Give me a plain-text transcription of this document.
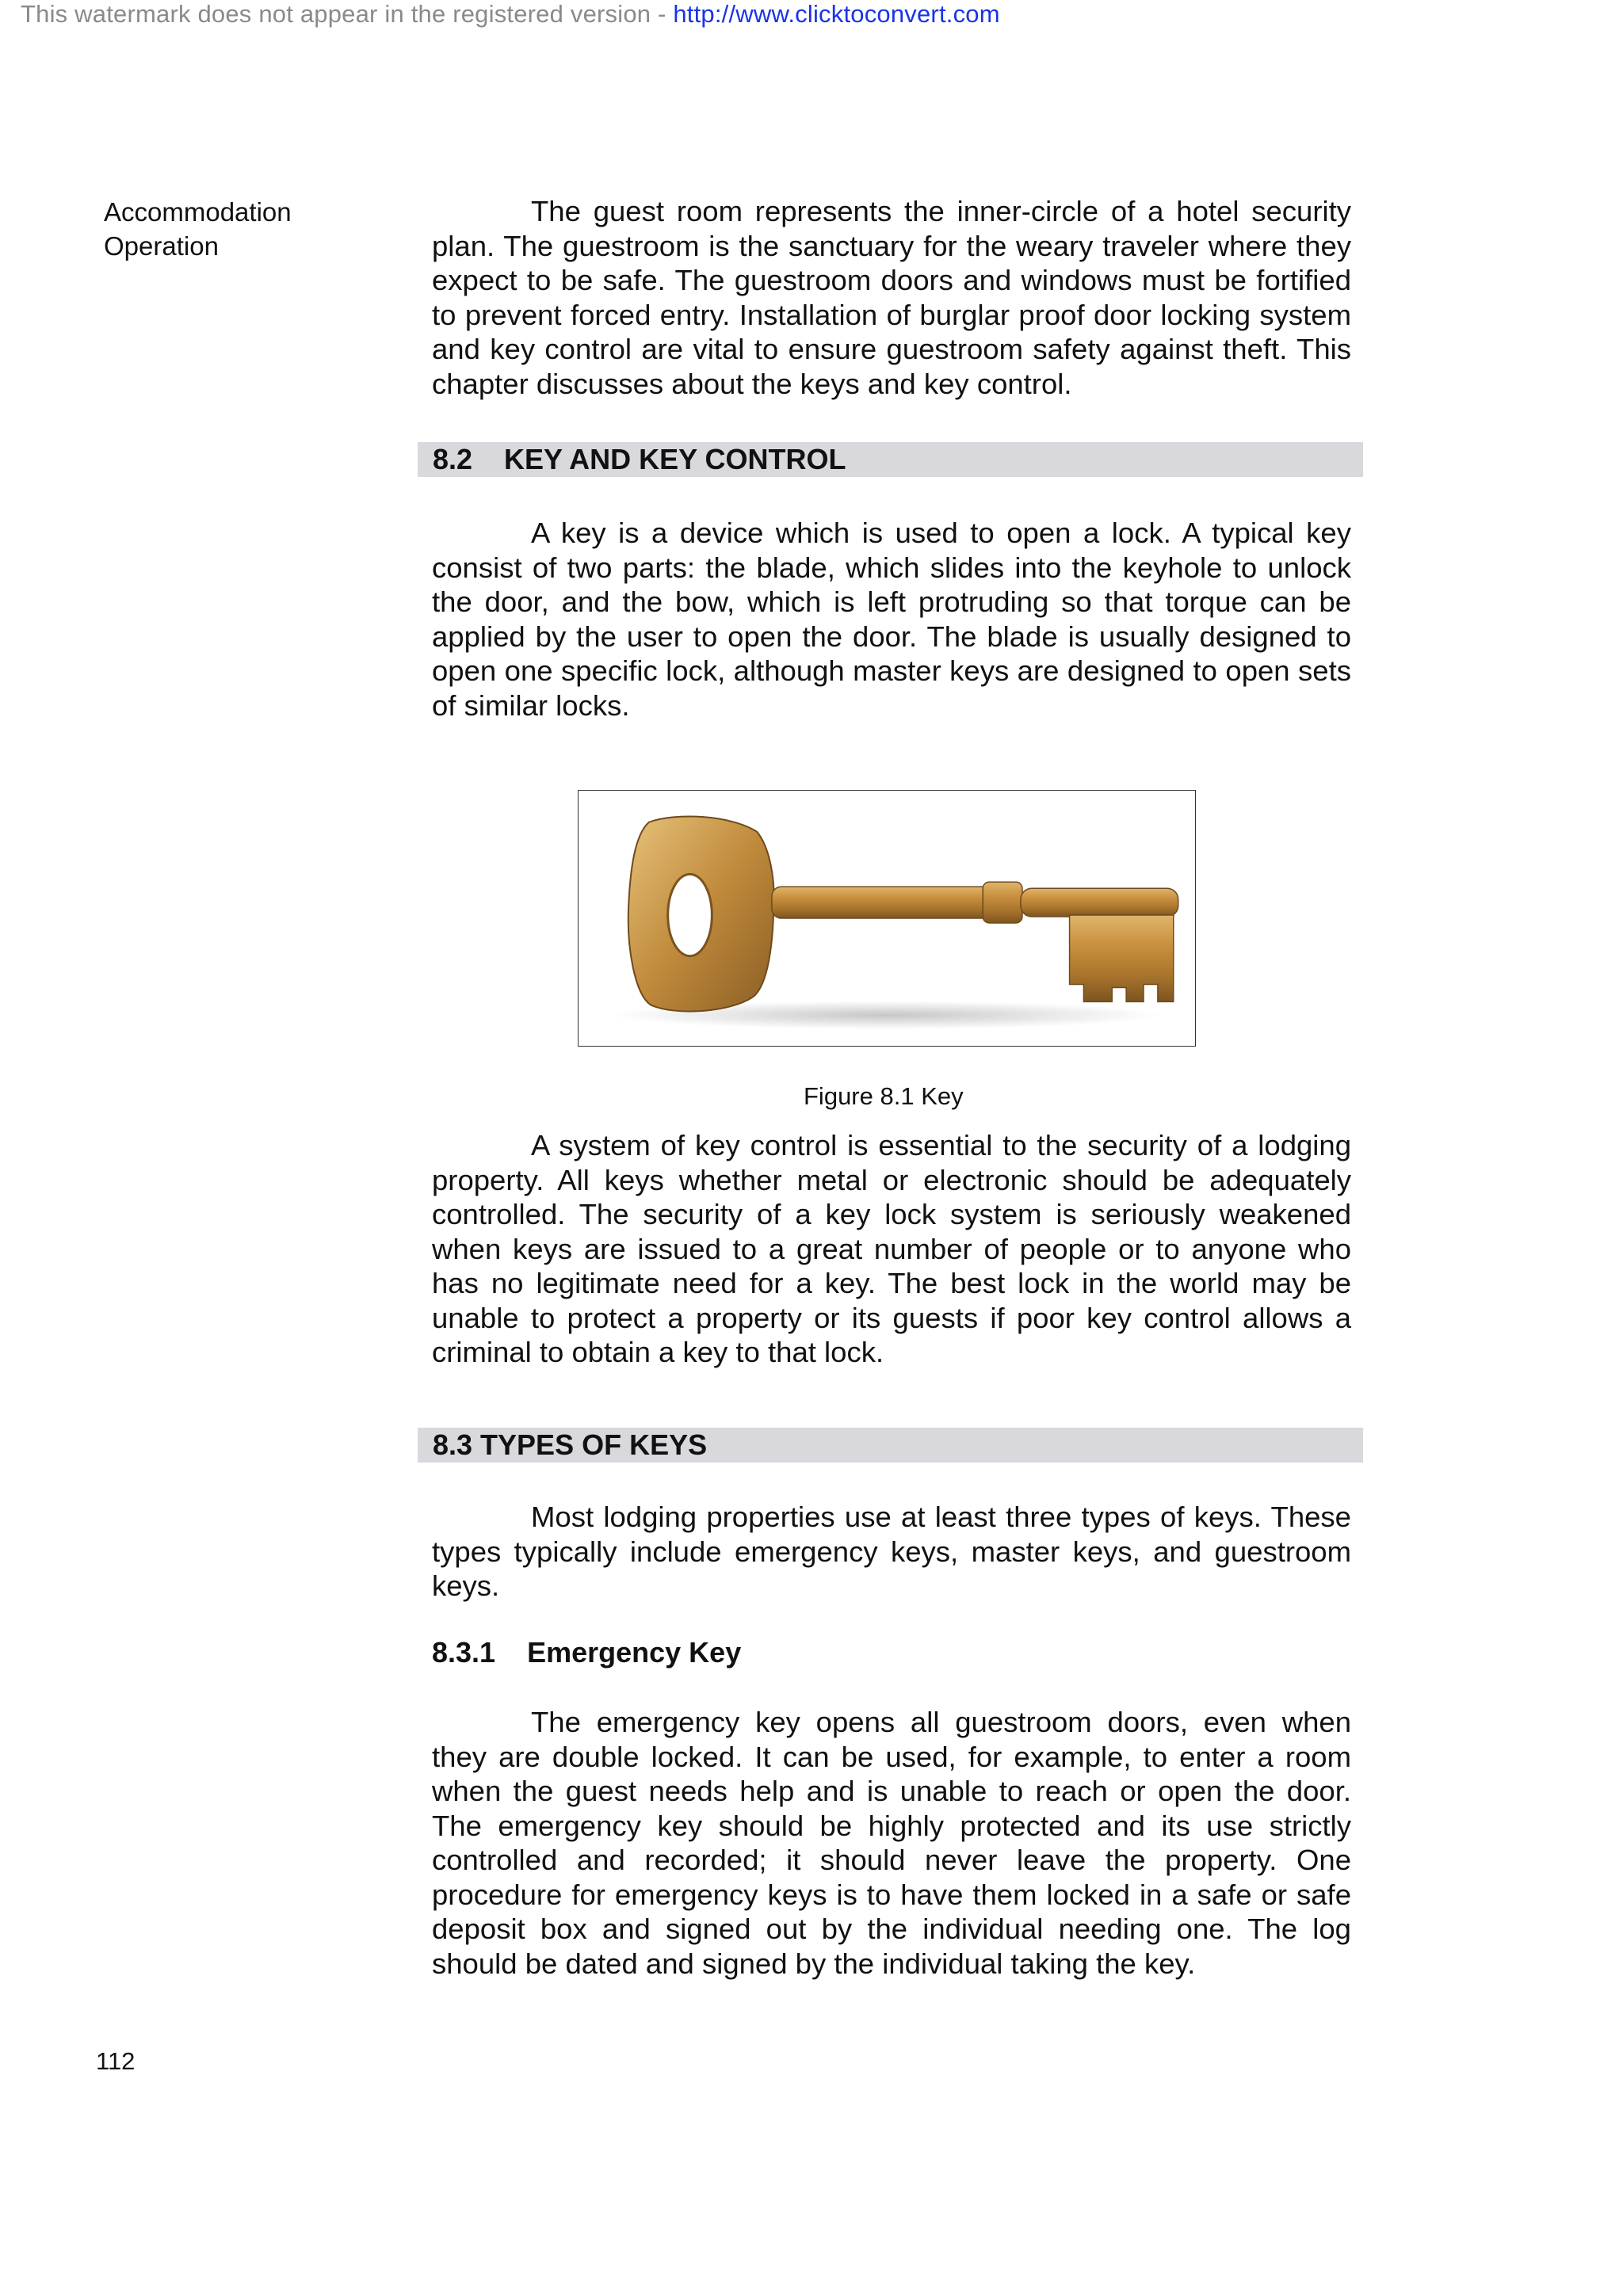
This watermark does not appear in the registered version - http://www.clicktoconvert.com
Accommodation
Operation

The guest room represents the inner-circle of a hotel security plan. The guestroom is the sanctuary for the weary traveler where they expect to be safe. The guestroom doors and windows must be fortified to prevent forced entry. Installation of burglar proof door locking system and key control are vital to ensure guestroom safety against theft. This chapter discusses about the keys and key control.

8.2 KEY AND KEY CONTROL

A key is a device which is used to open a lock. A typical key consist of two parts: the blade, which slides into the keyhole to unlock the door, and the bow, which is left protruding so that torque can be applied by the user to open the door. The blade is usually designed to open one specific lock, although master keys are designed to open sets of similar locks.

Figure 8.1 Key

A system of key control is essential to the security of a lodging property. All keys whether metal or electronic should be adequately controlled. The security of a key lock system is seriously weakened when keys are issued to a great number of people or to anyone who has no legitimate need for a key. The best lock in the world may be unable to protect a property or its guests if poor key control allows a criminal to obtain a key to that lock.

8.3 TYPES OF KEYS

Most lodging properties use at least three types of keys. These types typically include emergency keys, master keys, and guestroom keys.

8.3.1 Emergency Key

The emergency key opens all guestroom doors, even when they are double locked. It can be used, for example, to enter a room when the guest needs help and is unable to reach or open the door. The emergency key should be highly protected and its use strictly controlled and recorded; it should never leave the property. One procedure for emergency keys is to have them locked in a safe or safe deposit box and signed out by the individual needing one. The log should be dated and signed by the individual taking the key.

112
